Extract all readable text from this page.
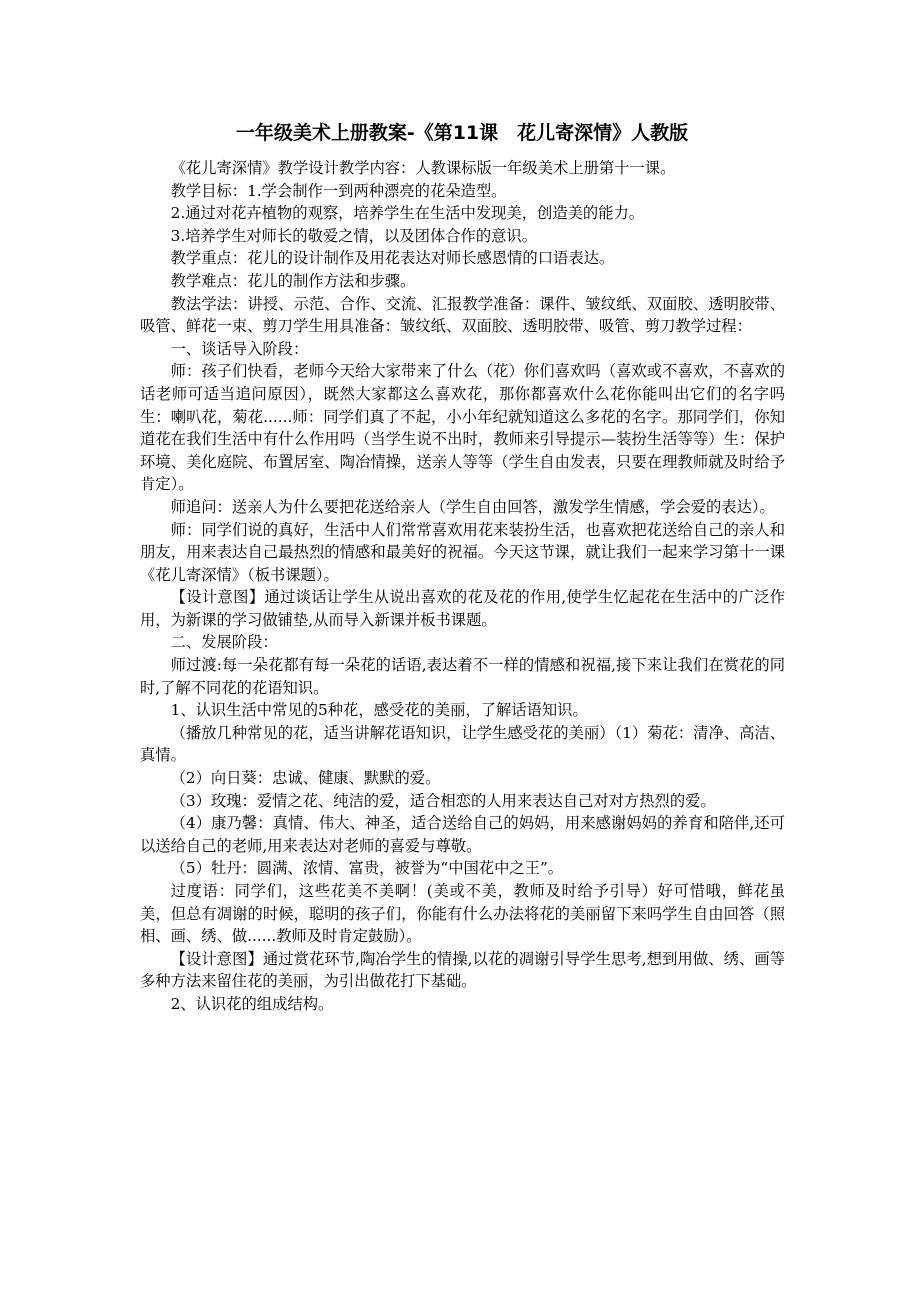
一年级美术上册教案-《第11课　花儿寄深情》人教版

《花儿寄深情》教学设计教学内容：人教课标版一年级美术上册第十一课。

教学目标：1.学会制作一到两种漂亮的花朵造型。

2.通过对花卉植物的观察，培养学生在生活中发现美，创造美的能力。

3.培养学生对师长的敬爱之情，以及团体合作的意识。

教学重点：花儿的设计制作及用花表达对师长感恩情的口语表达。

教学难点：花儿的制作方法和步骤。

教法学法：讲授、示范、合作、交流、汇报教学准备：课件、皱纹纸、双面胶、透明胶带、吸管、鲜花一束、剪刀学生用具准备：皱纹纸、双面胶、透明胶带、吸管、剪刀教学过程：

一、谈话导入阶段：

师：孩子们快看，老师今天给大家带来了什么（花）你们喜欢吗（喜欢或不喜欢，不喜欢的话老师可适当追问原因），既然大家都这么喜欢花，那你都喜欢什么花你能叫出它们的名字吗生：喇叭花，菊花......师：同学们真了不起，小小年纪就知道这么多花的名字。那同学们，你知道花在我们生活中有什么作用吗（当学生说不出时，教师来引导提示—装扮生活等等）生：保护环境、美化庭院、布置居室、陶冶情操，送亲人等等（学生自由发表，只要在理教师就及时给予肯定）。

师追问：送亲人为什么要把花送给亲人（学生自由回答，激发学生情感，学会爱的表达）。

师：同学们说的真好，生活中人们常常喜欢用花来装扮生活，也喜欢把花送给自己的亲人和朋友，用来表达自己最热烈的情感和最美好的祝福。今天这节课，就让我们一起来学习第十一课《花儿寄深情》（板书课题）。

【设计意图】通过谈话让学生从说出喜欢的花及花的作用,使学生忆起花在生活中的广泛作用，为新课的学习做铺垫,从而导入新课并板书课题。

二、发展阶段：

师过渡:每一朵花都有每一朵花的话语,表达着不一样的情感和祝福,接下来让我们在赏花的同时,了解不同花的花语知识。

1、认识生活中常见的5种花，感受花的美丽，了解话语知识。

（播放几种常见的花，适当讲解花语知识，让学生感受花的美丽）（1）菊花：清净、高洁、真情。

（2）向日葵：忠诚、健康、默默的爱。

（3）玫瑰：爱情之花、纯洁的爱，适合相恋的人用来表达自己对对方热烈的爱。

（4）康乃馨：真情、伟大、神圣，适合送给自己的妈妈，用来感谢妈妈的养育和陪伴,还可以送给自己的老师,用来表达对老师的喜爱与尊敬。

（5）牡丹：圆满、浓情、富贵，被誉为“中国花中之王”。

过度语：同学们，这些花美不美啊！(美或不美，教师及时给予引导）好可惜哦，鲜花虽美，但总有凋谢的时候，聪明的孩子们，你能有什么办法将花的美丽留下来吗学生自由回答（照相、画、绣、做......教师及时肯定鼓励）。

【设计意图】通过赏花环节,陶冶学生的情操,以花的凋谢引导学生思考,想到用做、绣、画等多种方法来留住花的美丽，为引出做花打下基础。

2、认识花的组成结构。
